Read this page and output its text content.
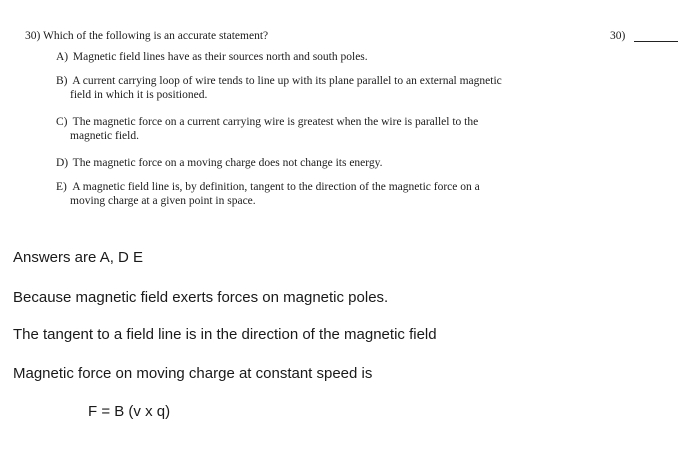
30) Which of the following is an accurate statement?	30)
A) Magnetic field lines have as their sources north and south poles.
B) A current carrying loop of wire tends to line up with its plane parallel to an external magnetic
field in which it is positioned.
C) The magnetic force on a current carrying wire is greatest when the wire is parallel to the
magnetic field.
D) The magnetic force on a moving charge does not change its energy.
E) A magnetic field line is, by definition, tangent to the direction of the magnetic force on a
moving charge at a given point in space.
Answers are A, D E
Because magnetic field exerts forces on magnetic poles.
The tangent to a field line is in the direction of the magnetic field
Magnetic force on moving charge at constant speed is
F = B (v x q)
